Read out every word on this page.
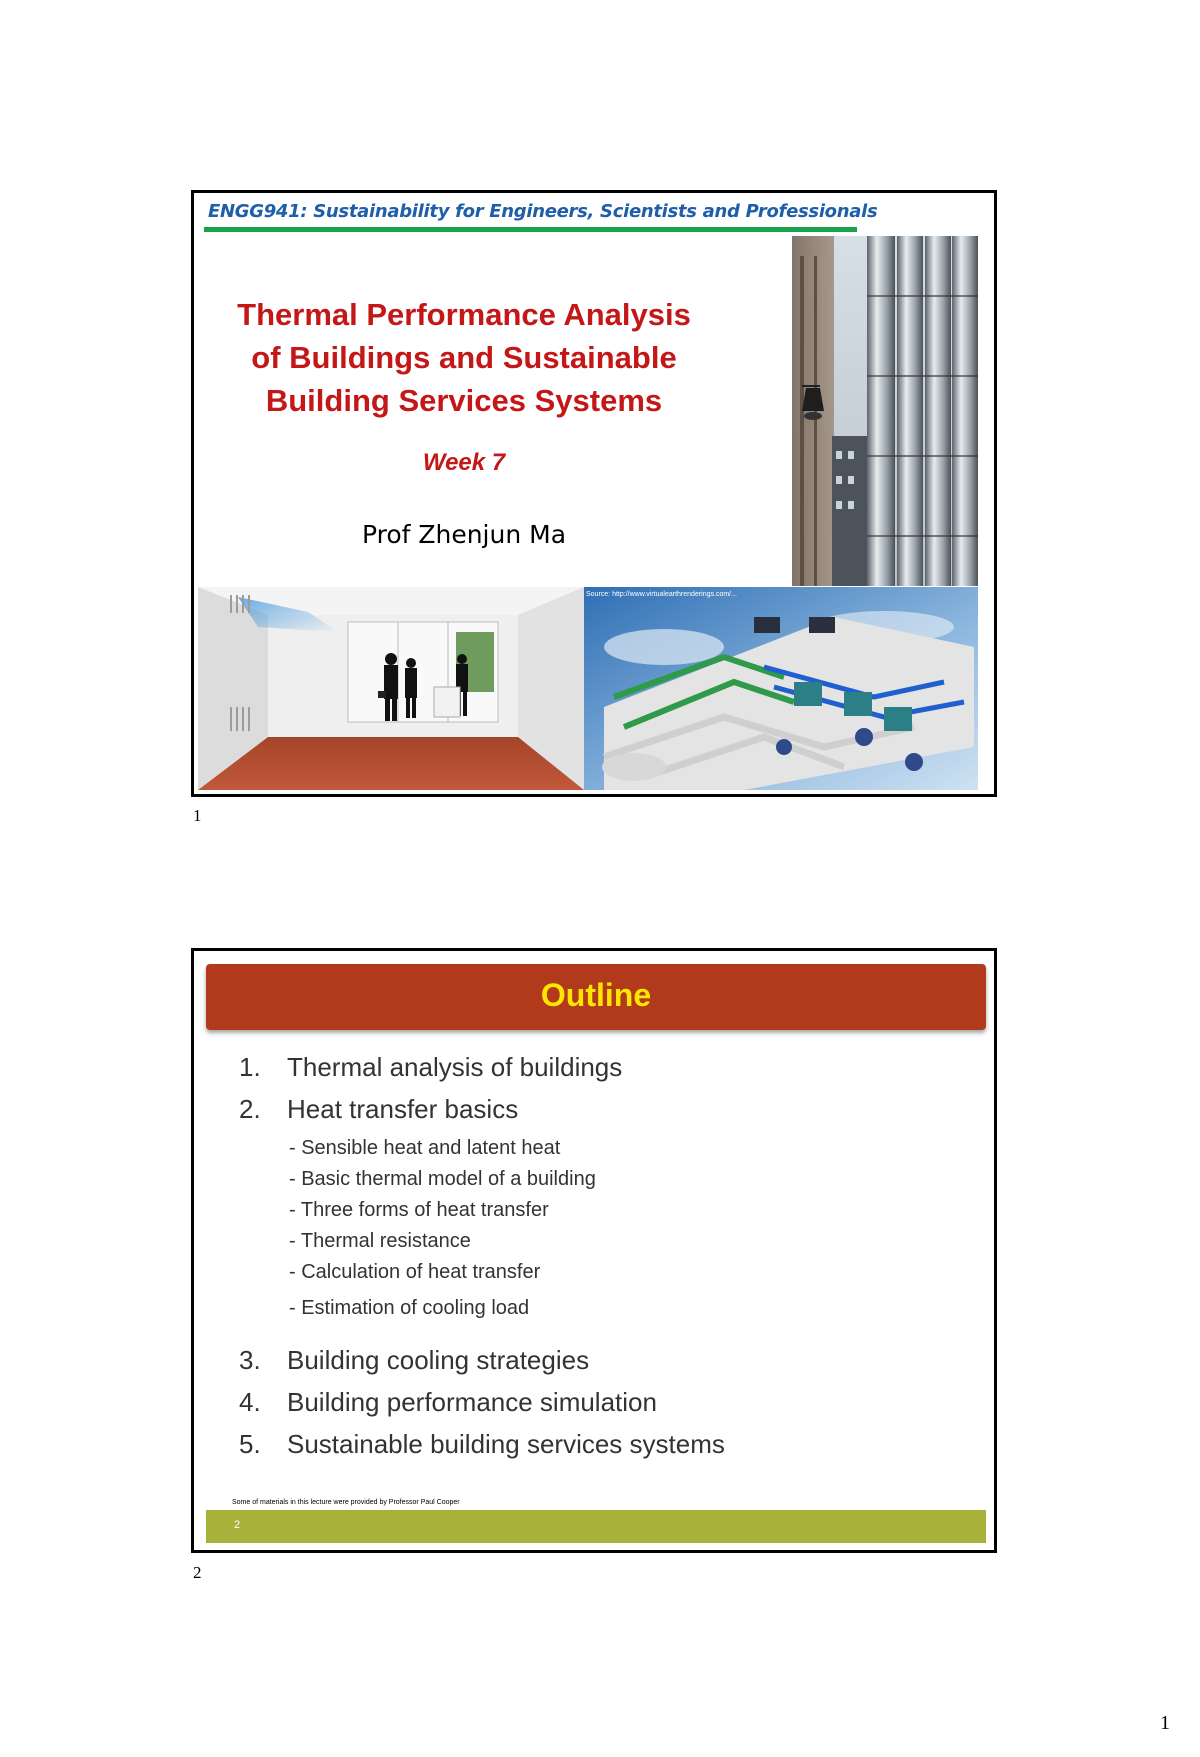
ENGG941: Sustainability for Engineers, Scientists and Professionals
Thermal Performance Analysis
of Buildings and Sustainable
Building Services Systems
Week 7
Prof Zhenjun Ma
Source: http://www.virtualearthrenderings.com/...
1
Outline
1. Thermal analysis of buildings
2. Heat transfer basics
- Sensible heat and latent heat
- Basic thermal model of a building
- Three forms of heat transfer
- Thermal resistance
- Calculation of heat transfer
- Estimation of cooling load
3. Building cooling strategies
4. Building performance simulation
5. Sustainable building services systems
Some of materials in this lecture were provided by Professor Paul Cooper
2
2
1
